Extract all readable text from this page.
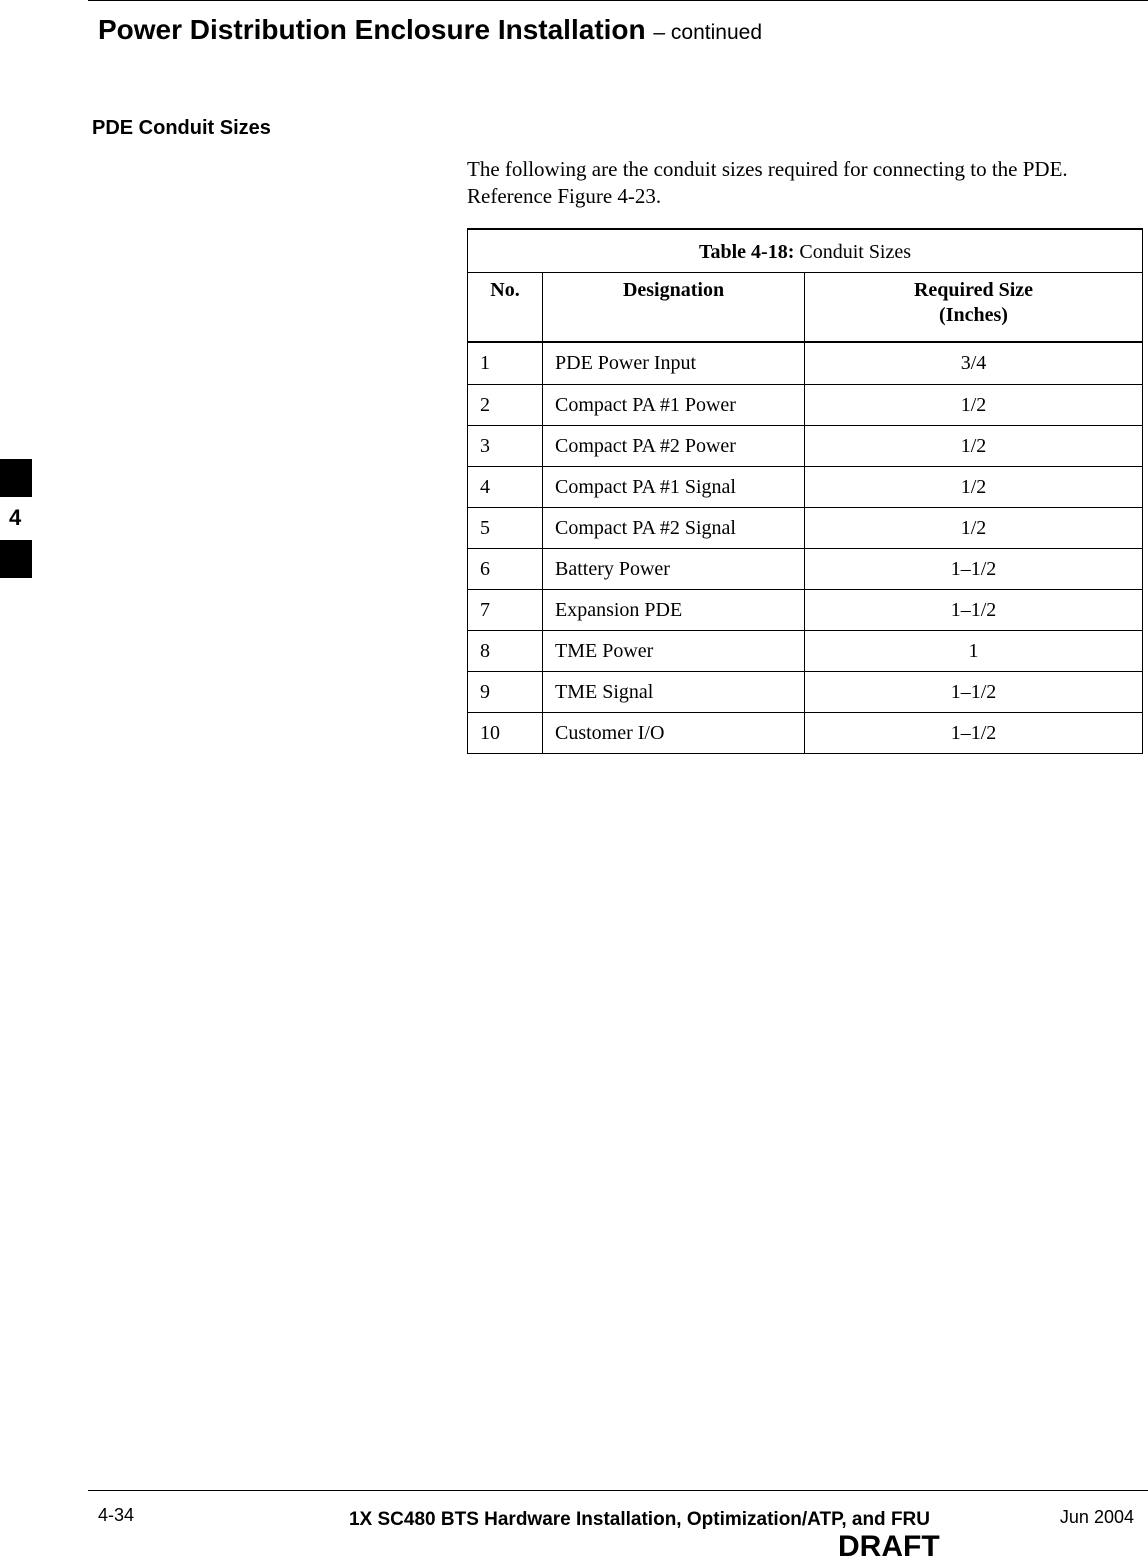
Power Distribution Enclosure Installation – continued
PDE Conduit Sizes
The following are the conduit sizes required for connecting to the PDE.
Reference Figure 4-23.
Table 4-18: Conduit Sizes		
No.	Designation	Required Size
(Inches)

1	PDE Power Input	3/4
2	Compact PA #1 Power	1/2
3	Compact PA #2 Power	1/2
4	Compact PA #1 Signal	1/2
5	Compact PA #2 Signal	1/2
6	Battery Power	1–1/2
7	Expansion PDE	1–1/2
8	TME Power	1
9	TME Signal	1–1/2
10	Customer I/O	1–1/2
4
4-34	1X SC480 BTS Hardware Installation, Optimization/ATP, and FRU	Jun 2004
DRAFT
